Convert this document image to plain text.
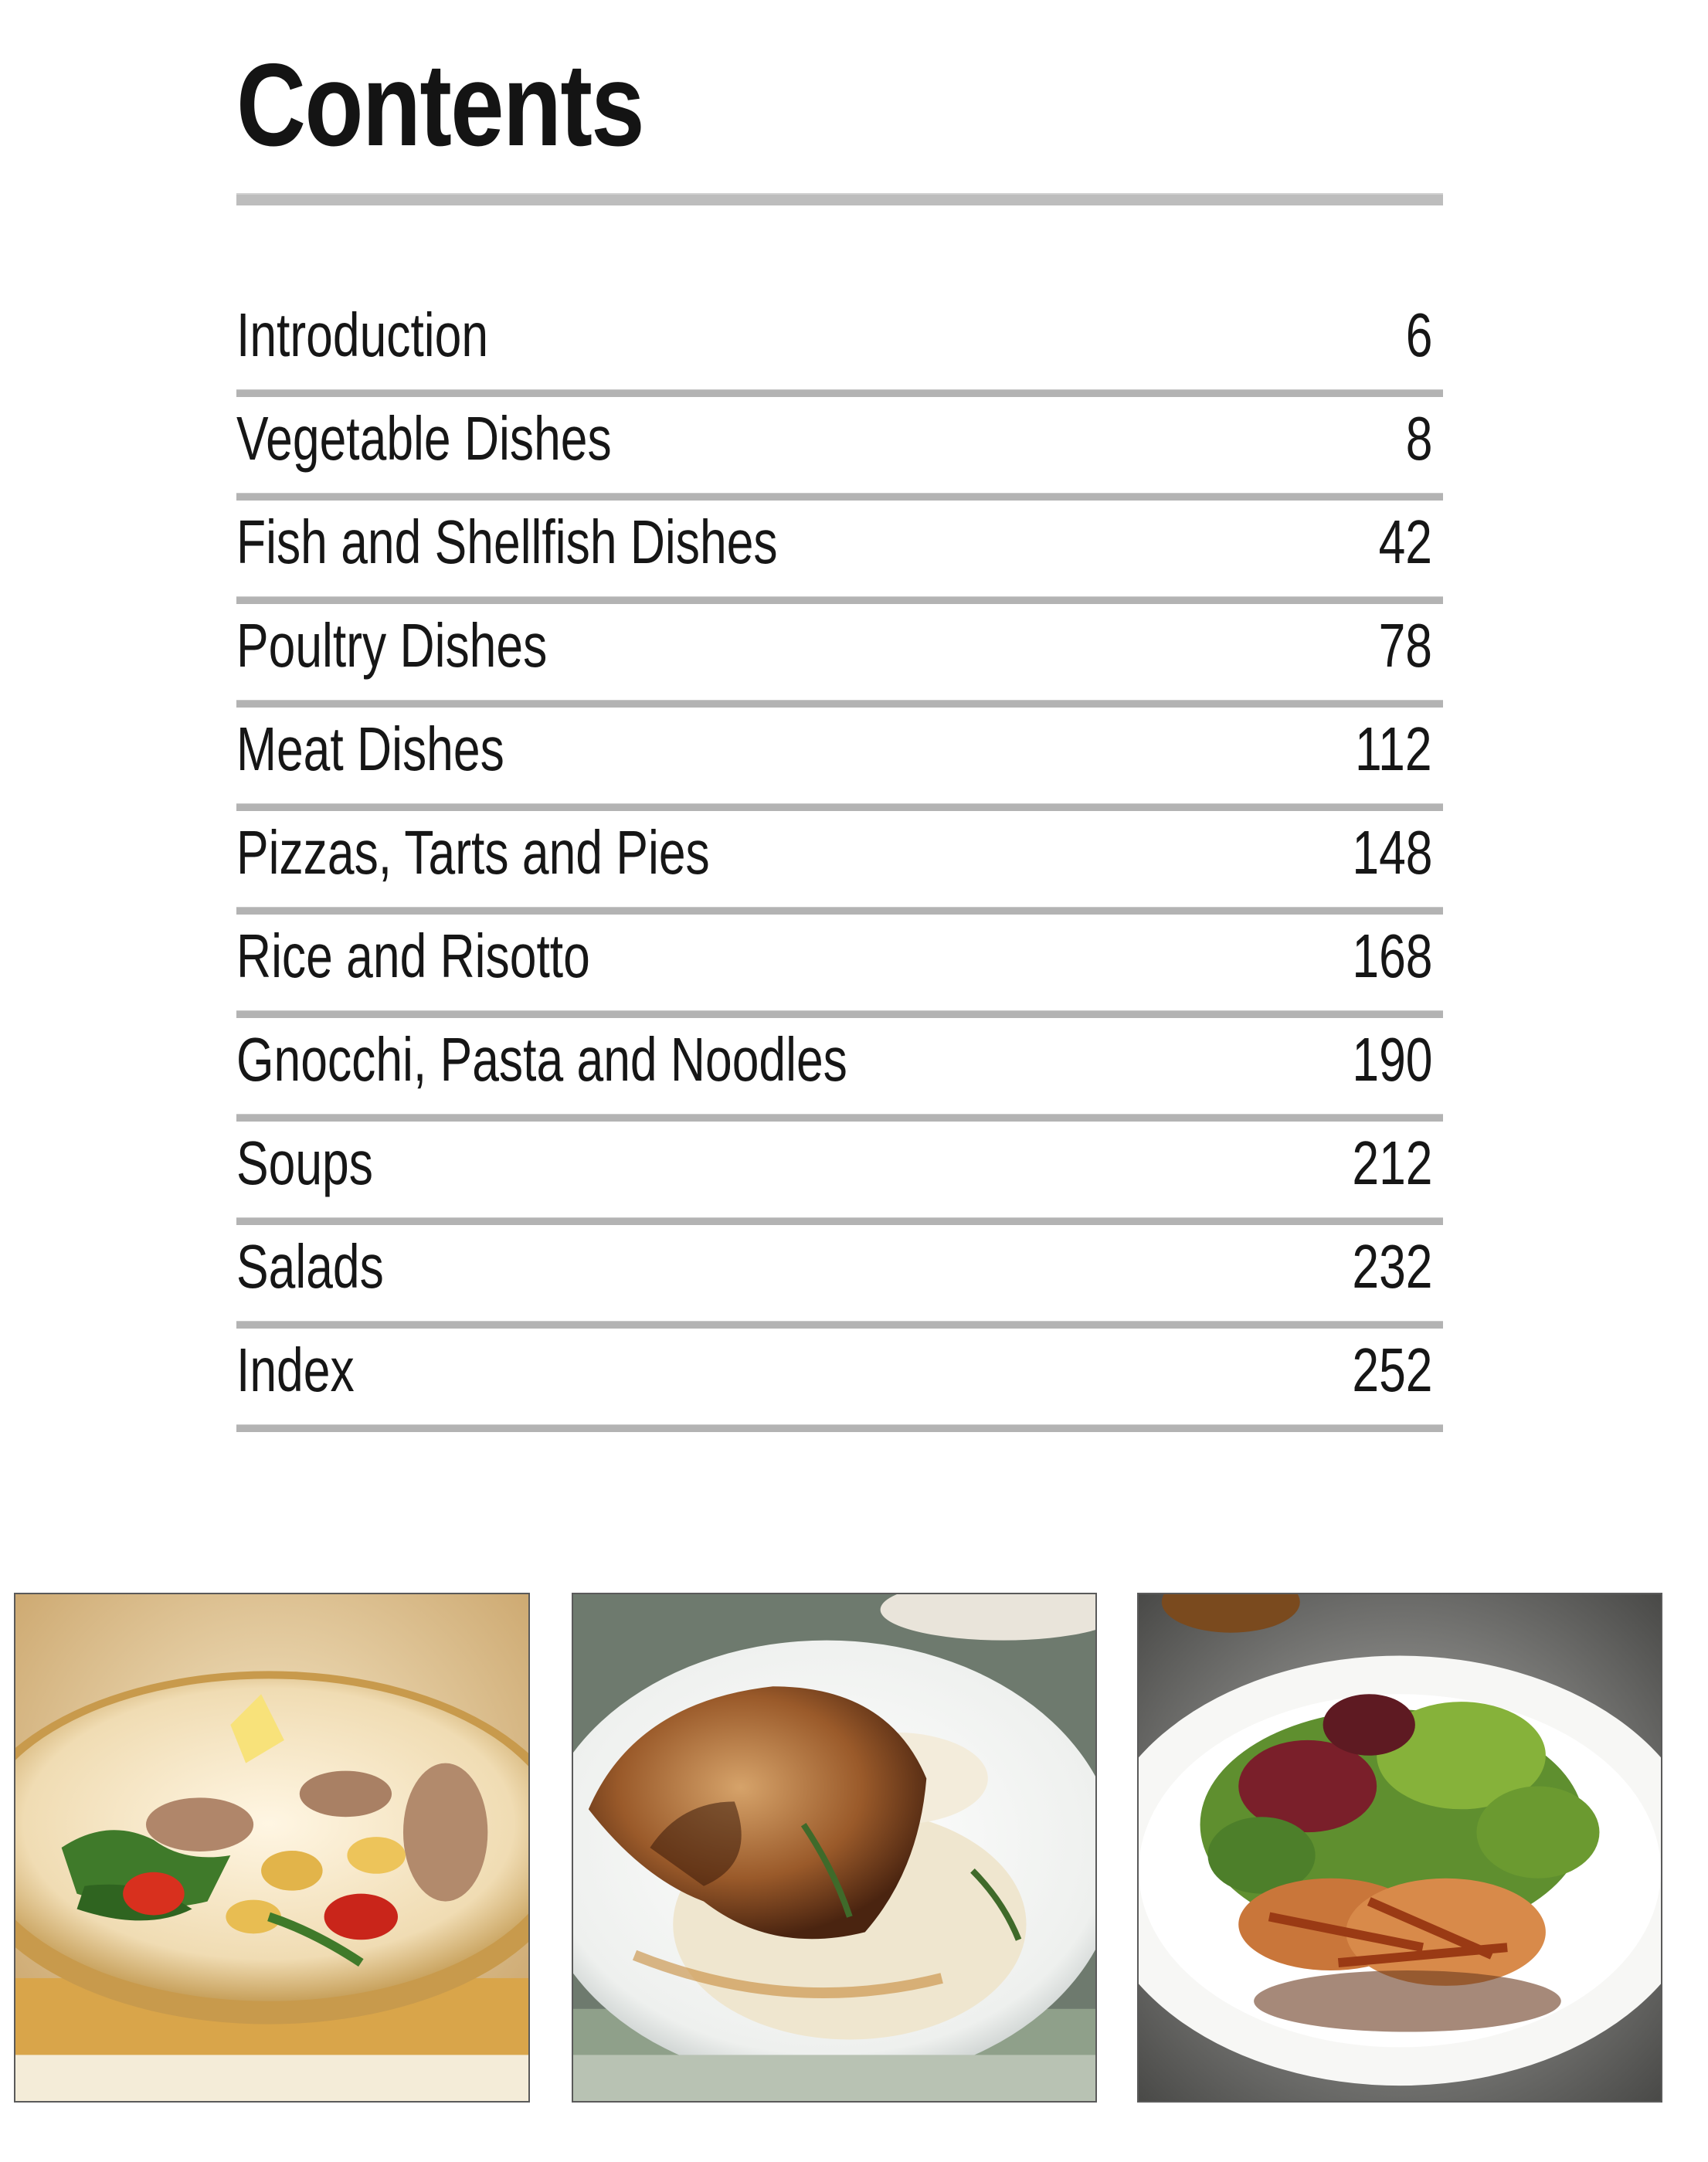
Contents
Introduction	6
Vegetable Dishes	8
Fish and Shellfish Dishes	42
Poultry Dishes	78
Meat Dishes	112
Pizzas, Tarts and Pies	148
Rice and Risotto	168
Gnocchi, Pasta and Noodles	190
Soups	212
Salads	232
Index	252
